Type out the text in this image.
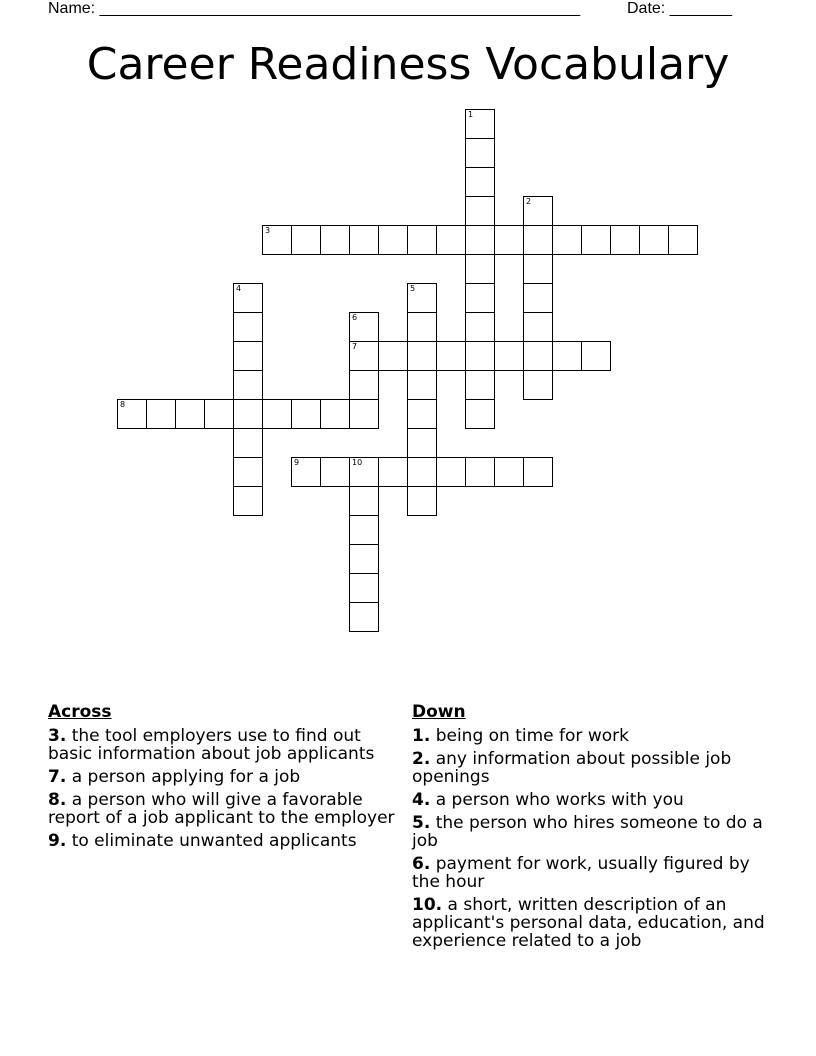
Name: ______________________________________________________	Date: _______
Career Readiness Vocabulary
1
2
3
4	5
6
7
8
9	10
Across
3. the tool employers use to find out basic information about job applicants
7. a person applying for a job
8. a person who will give a favorable report of a job applicant to the employer
9. to eliminate unwanted applicants
Down
1. being on time for work
2. any information about possible job openings
4. a person who works with you
5. the person who hires someone to do a job
6. payment for work, usually figured by the hour
10. a short, written description of an applicant's personal data, education, and experience related to a job
